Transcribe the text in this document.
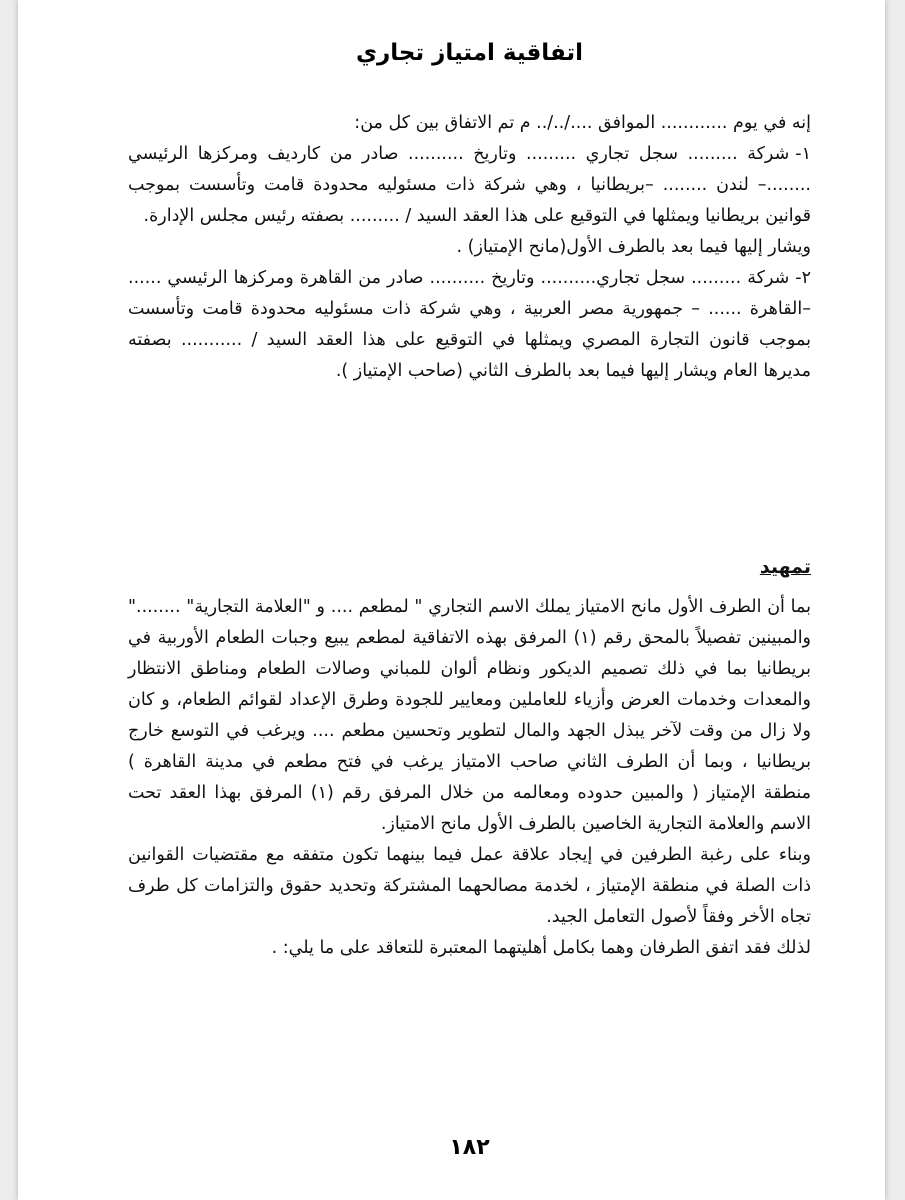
اتفاقية امتياز تجاري

إنه في يوم ............ الموافق ..../../.. م تم الاتفاق بين كل من:

١-شركة ......... سجل تجاري ......... وتاريخ .......... صادر من كارديف ومركزها الرئيسي ........– لندن ........ –بريطانيا ، وهي شركة ذات مسئوليه محدودة قامت وتأسست بموجب قوانين بريطانيا ويمثلها في التوقيع على هذا العقد السيد / ......... بصفته رئيس مجلس الإدارة.

ويشار إليها فيما بعد بالطرف الأول(مانح الإمتياز) .

٢-شركة ......... سجل تجاري.......... وتاريخ .......... صادر من القاهرة ومركزها الرئيسي ...... –القاهرة ...... – جمهورية مصر العربية ، وهي شركة ذات مسئوليه محدودة قامت وتأسست بموجب قانون التجارة المصري ويمثلها في التوقيع على هذا العقد السيد / ........... بصفته مديرها العام ويشار إليها فيما بعد بالطرف الثاني (صاحب الإمتياز ).

تمهيد

بما أن الطرف الأول مانح الامتياز يملك الاسم التجاري " لمطعم .... و "العلامة التجارية" ........" والمبينين تفصيلاً بالمحق رقم (١) المرفق بهذه الاتفاقية لمطعم يبيع وجبات الطعام الأوربية في بريطانيا بما في ذلك تصميم الديكور ونظام ألوان للمباني وصالات الطعام ومناطق الانتظار والمعدات وخدمات العرض وأزياء للعاملين ومعايير للجودة وطرق الإعداد لقوائم الطعام، و كان ولا زال من وقت لآخر يبذل الجهد والمال لتطوير وتحسين مطعم .... ويرغب في التوسع خارج بريطانيا ، وبما أن الطرف الثاني صاحب الامتياز يرغب في فتح مطعم في مدينة القاهرة ) منطقة الإمتياز ( والمبين حدوده ومعالمه من خلال المرفق رقم (١) المرفق بهذا العقد تحت الاسم والعلامة التجارية الخاصين بالطرف الأول مانح الامتياز.

وبناء على رغبة الطرفين في إيجاد علاقة عمل فيما بينهما تكون متفقه مع مقتضيات القوانين ذات الصلة في منطقة الإمتياز ، لخدمة مصالحهما المشتركة وتحديد حقوق والتزامات كل طرف تجاه الأخر وفقاً لأصول التعامل الجيد.

لذلك فقد اتفق الطرفان وهما بكامل أهليتهما المعتبرة للتعاقد على ما يلي: .

١٨٢
